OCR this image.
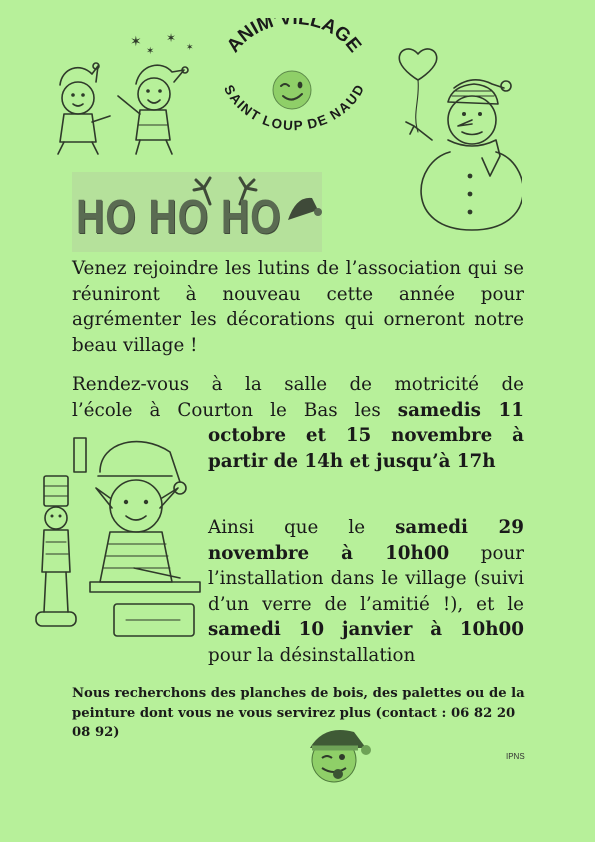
✶
✶
✶
✶ ANIM’VILLAGE
SAINT LOUP DE NAUD
HO HO HO
Venez rejoindre les lutins de l’association qui se réuniront à nouveau cette année pour agrémenter les décorations qui orneront notre beau village !
Rendez-vous à la salle de motricité de
l’école à Courton le Bas les samedis 11
octobre et 15 novembre à partir de 14h et jusqu’à 17h
Ainsi que le samedi 29 novembre à 10h00 pour l’installation dans le village (suivi d’un verre de l’amitié !), et le samedi 10 janvier à 10h00 pour la désinstallation
Nous recherchons des planches de bois, des palettes ou de la peinture dont vous ne vous servirez plus (contact : 06 82 20 08 92)
IPNS
